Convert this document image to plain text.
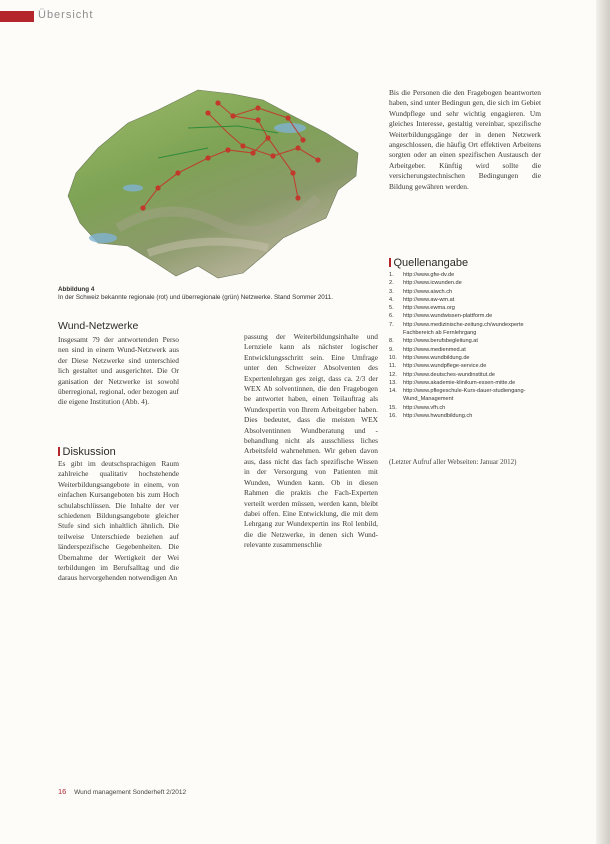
Übersicht
Abbildung 4
In der Schweiz bekannte regionale (rot) und überregionale (grün) Netzwerke. Stand Sommer 2011.
Wund-Netzwerke
Insgesamt 79 der antwortenden Perso nen sind in einem Wund-Netzwerk aus der Diese Netzwerke sind unterschied lich gestaltet und ausgerichtet. Die Or ganisation der Netzwerke ist sowohl überregional, regional, oder bezogen auf die eigene Institution (Abb. 4).
Diskussion
Es gibt im deutschsprachigen Raum zahlreiche qualitativ hochstehende Weiterbildungsangebote in einem, von einfachen Kursangeboten bis zum Hoch schulabschlüssen. Die Inhalte der ver schiedenen Bildungsangebote gleicher Stufe sind sich inhaltlich ähnlich. Die teilweise Unterschiede beziehen auf länderspezifische Gegebenheiten. Die Übernahme der Wertigkeit der Wei terbildungen im Berufsalltag und die daraus hervorgehenden notwendigen An
passung der Weiterbildungsinhalte und Lernziele kann als nächster logischer Entwicklungsschritt sein. Eine Umfrage unter den Schweizer Absolventen des Expertenlehrgan ges zeigt, dass ca. 2/3 der WEX Ab solventinnen, die den Fragebogen be antwortet haben, einen Teilauftrag als Wundexpertin von Ihrem Arbeitgeber haben. Dies bedeutet, dass die meisten WEX Absolventinnen Wundberatung und -behandlung nicht als ausschliess liches Arbeitsfeld wahrnehmen. Wir gehen davon aus, dass nicht das fach spezifische Wissen in der Versorgung von Patienten mit Wunden, Wunden kann. Ob in diesen Rahmen die praktis che Fach-Experten verteilt werden müssen, werden kann, bleibt dabei offen. Eine Entwicklung, die mit dem Lehrgang zur Wundexpertin ins Rol lenbild, die die Netzwerke, in denen sich Wund-relevante zusammenschlie
Bis die Personen die den Fragebogen beantworten haben, sind unter Bedingun gen, die sich im Gebiet Wundpflege und sehr wichtig engagieren. Um gleiches Interesse, gestaltig vereinbar, spezifische Weiterbildungsgänge der in denen Netzwerk angeschlossen, die häufig Ort effektiven Arbeitens sorgten oder an einen spezifischen Austausch der Arbeitgeber. Künftig wird sollte die versicherungstechnischen Bedingungen die Bildung gewähren werden.
Quellenangabe
1.	http://www.gfw-dv.de
2.	http://www.icwunden.de
3.	http://www.aiwch.ch
4.	http://www.aw-wm.at
5.	http://www.ewma.org
6.	http://www.wundwissen-plattform.de
7.	http://www.medizinische-zeitung.ch/wundexperte Fachbereich ab Fernlehrgang
8.	http://www.berufsbegleitung.at
9.	http://www.medienmed.at
10.	http://www.wundbildung.de
11.	http://www.wundpflege-service.de
12.	http://www.deutsches-wundinstitut.de
13.	http://www.akademie-klinikum-essen-mitte.de
14.	http://www.pflegeschule-Kurs-dauer-studiengang-Wund_Management
15.	http://www.vfh.ch
16.	http://www.hwundbildung.ch
(Letzter Aufruf aller Webseiten: Januar 2012)
16 Wund management Sonderheft 2/2012
